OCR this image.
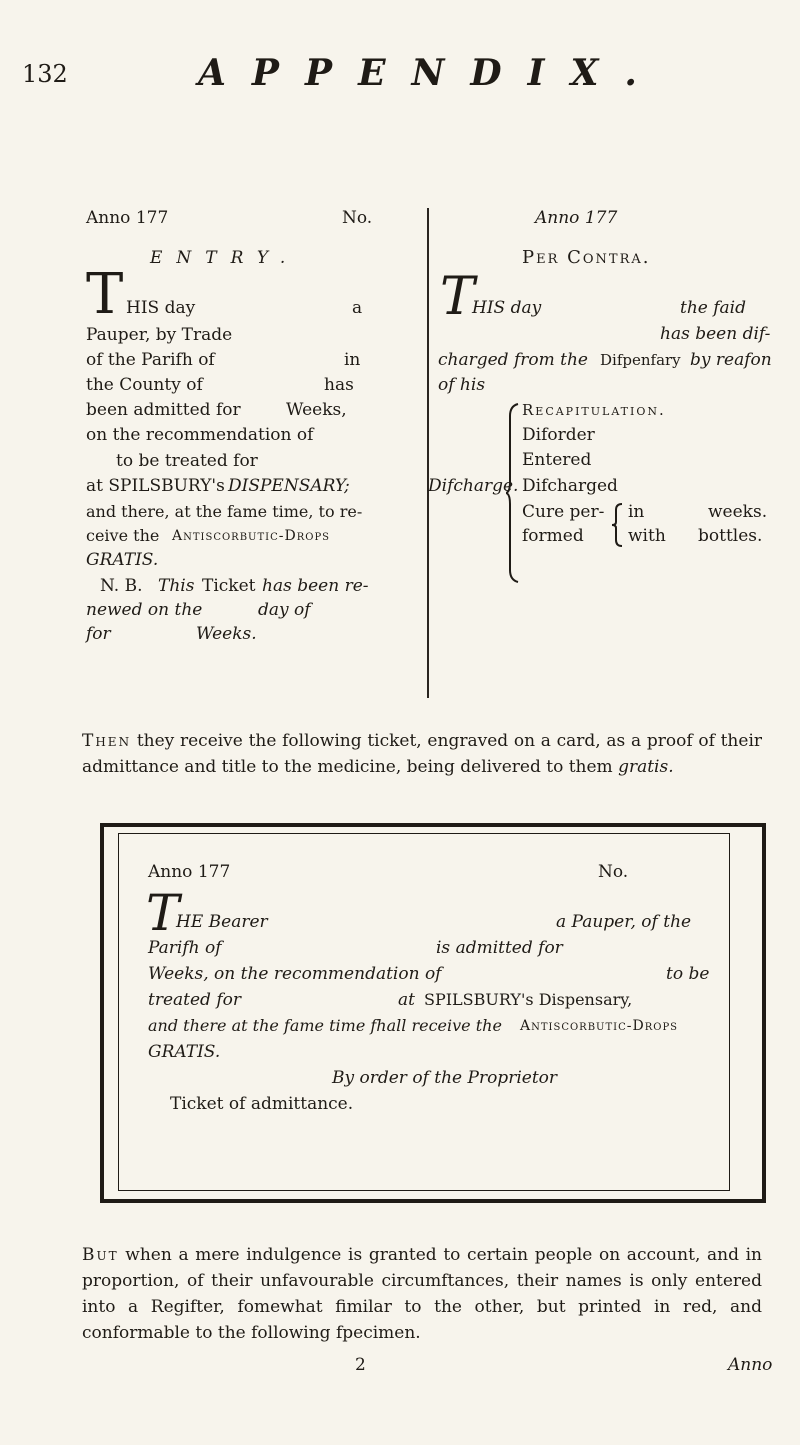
132	APPENDIX.
Anno 177	No.
ENTRY.
T HIS day	a
Pauper, by Trade
of the Parifh of	in
the County of	has
been admitted for	Weeks,
on the recommendation of
to be treated for
at SPILSBURY's DISPENSARY;
and there, at the fame time, to re-
ceive the Antiscorbutic-Drops
GRATIS.
N. B. This Ticket has been re-
newed on the	day of
for	Weeks.
Anno 177
Per Contra.
T
HIS day	the faid
has been dif-
charged from the Difpenfary by reafon
of his
Recapitulation.
Diforder
Entered
Difcharge. Difcharged
Cure per-
formed
in	weeks.
with bottles.
Then they receive the following ticket, engraved on a card, as a proof of their admittance and title to the medicine, being delivered to them gratis.
Anno 177	No.
T
HE Bearer	a Pauper, of the
Parifh of	is admitted for
Weeks, on the recommendation of	to be
treated for	at SPILSBURY's Dispensary,
and there at the fame time fhall receive the Antiscorbutic-Drops
GRATIS.
By order of the Proprietor
Ticket of admittance.
But when a mere indulgence is granted to certain people on account, and in proportion, of their unfavourable circumftances, their names is only entered into a Regifter, fomewhat fimilar to the other, but printed in red, and conformable to the following fpecimen.
2	Anno
